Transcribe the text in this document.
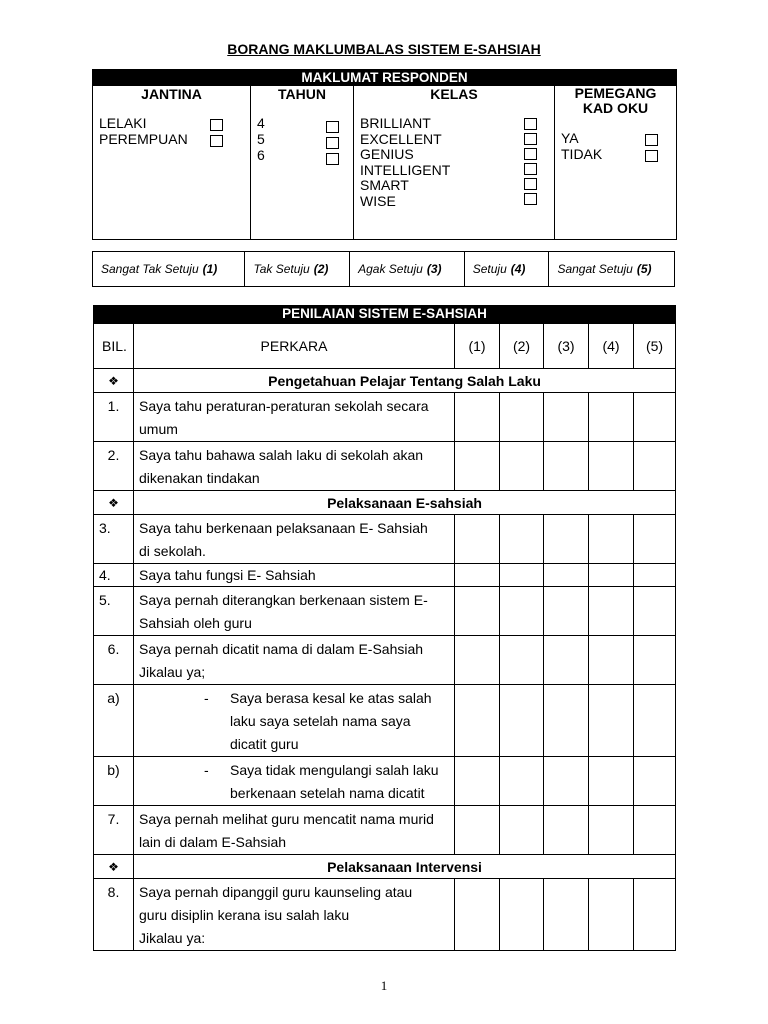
BORANG MAKLUMBALAS SISTEM E-SAHSIAH
MAKLUMAT RESPONDEN
JANTINA
LELAKI
PEREMPUAN
TAHUN
4
5
6
KELAS
BRILLIANT
EXCELLENT
GENIUS
INTELLIGENT
SMART
WISE
PEMEGANG
KAD OKU
YA
TIDAK
Sangat Tak Setuju (1)	Tak Setuju (2) Agak Setuju (3)	Setuju (4)	Sangat Setuju (5)
PENILAIAN SISTEM E-SAHSIAH						
BIL.	PERKARA	(1)	(2)	(3)	(4)	(5)
❖	Pengetahuan Pelajar Tentang Salah Laku					
1.	Saya tahu peraturan-peraturan sekolah secara
umum					

2.	Saya tahu bahawa salah laku di sekolah akan
dikenakan tindakan					

❖	Pelaksanaan E-sahsiah					
3.	Saya tahu berkenaan pelaksanaan E- Sahsiah
di sekolah.					

4.	Saya tahu fungsi E- Sahsiah					

5.	Saya pernah diterangkan berkenaan sistem E-
Sahsiah oleh guru					

6.	Saya pernah dicatit nama di dalam E-Sahsiah
Jikalau ya;					

a)	- Saya berasa kesal ke atas salah
laku saya setelah nama saya
dicatit guru					

b)	- Saya tidak mengulangi salah laku
berkenaan setelah nama dicatit					

7.	Saya pernah melihat guru mencatit nama murid
lain di dalam E-Sahsiah					

❖	Pelaksanaan Intervensi					
8.	Saya pernah dipanggil guru kaunseling atau
guru disiplin kerana isu salah laku
Jikalau ya:					

1
